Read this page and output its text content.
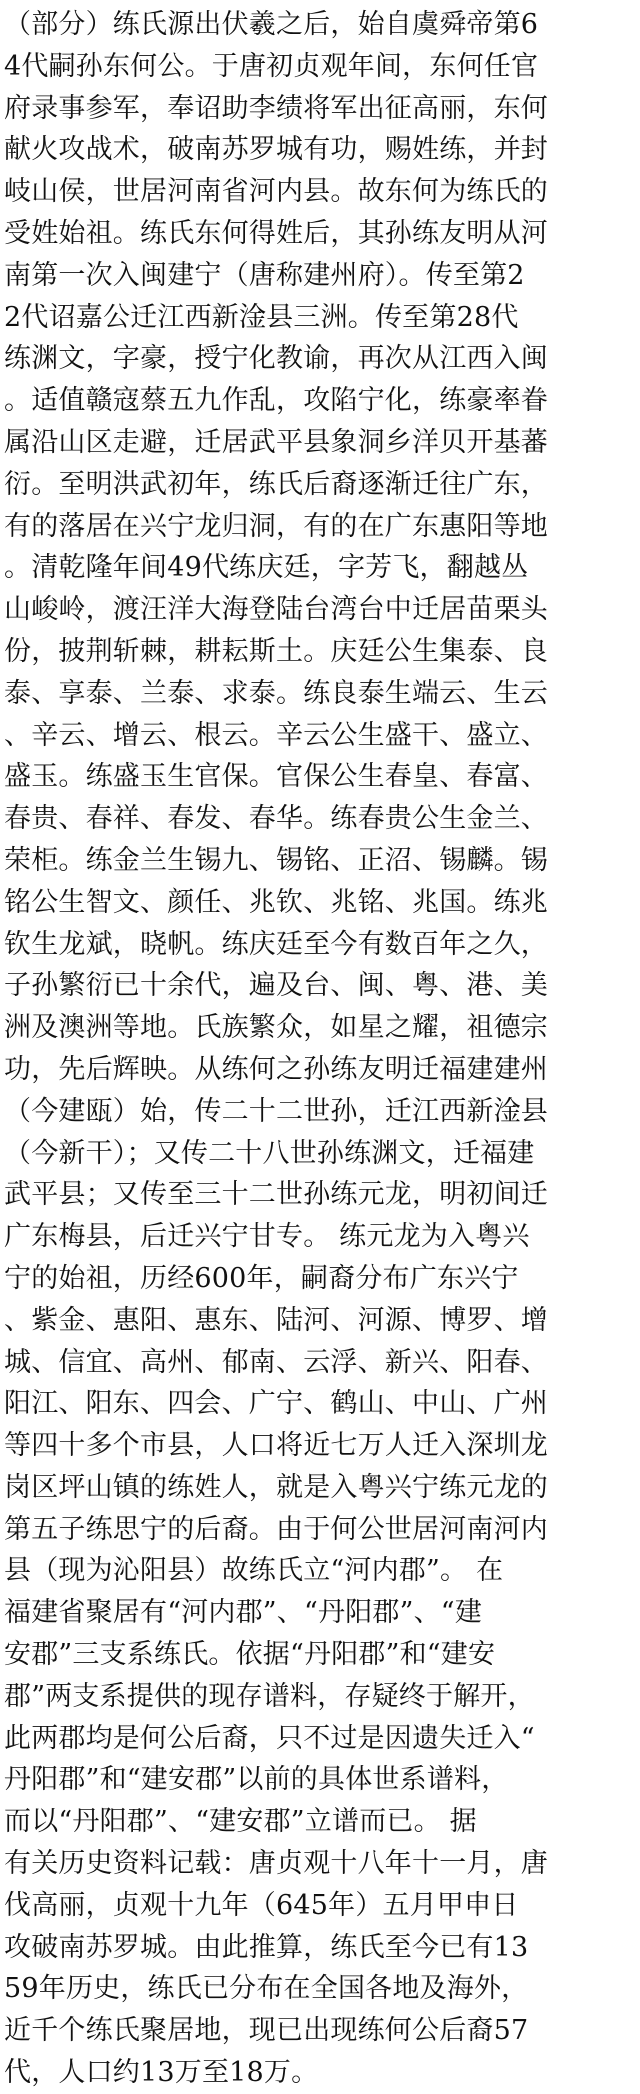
（部分）练氏源出伏羲之后，始自虞舜帝第6
4代嗣孙东何公。于唐初贞观年间，东何任官
府录事参军，奉诏助李绩将军出征高丽，东何
献火攻战术，破南苏罗城有功，赐姓练，并封
岐山侯，世居河南省河内县。故东何为练氏的
受姓始祖。练氏东何得姓后，其孙练友明从河
南第一次入闽建宁（唐称建州府）。传至第2
2代诏嘉公迁江西新淦县三洲。传至第28代
练渊文，字豪，授宁化教谕，再次从江西入闽
。适值赣寇蔡五九作乱，攻陷宁化，练豪率眷
属沿山区走避，迁居武平县象洞乡洋贝开基蕃
衍。至明洪武初年，练氏后裔逐渐迁往广东，
有的落居在兴宁龙归洞，有的在广东惠阳等地
。清乾隆年间49代练庆廷，字芳飞，翻越丛
山峻岭，渡汪洋大海登陆台湾台中迁居苗栗头
份，披荆斩棘，耕耘斯土。庆廷公生集泰、良
泰、享泰、兰泰、求泰。练良泰生端云、生云
、辛云、增云、根云。辛云公生盛干、盛立、
盛玉。练盛玉生官保。官保公生春皇、春富、
春贵、春祥、春发、春华。练春贵公生金兰、
荣柜。练金兰生锡九、锡铭、正沼、锡麟。锡
铭公生智文、颜任、兆钦、兆铭、兆国。练兆
钦生龙斌，晓帆。练庆廷至今有数百年之久，
子孙繁衍已十余代，遍及台、闽、粤、港、美
洲及澳洲等地。氏族繁众，如星之耀，祖德宗
功，先后辉映。从练何之孙练友明迁福建建州
（今建瓯）始，传二十二世孙，迁江西新淦县
（今新干）；又传二十八世孙练渊文，迁福建
武平县；又传至三十二世孙练元龙，明初间迁
广东梅县，后迁兴宁甘专。 练元龙为入粤兴
宁的始祖，历经600年，嗣裔分布广东兴宁
、紫金、惠阳、惠东、陆河、河源、博罗、增
城、信宜、高州、郁南、云浮、新兴、阳春、
阳江、阳东、四会、广宁、鹤山、中山、广州
等四十多个市县，人口将近七万人迁入深圳龙
岗区坪山镇的练姓人，就是入粤兴宁练元龙的
第五子练思宁的后裔。由于何公世居河南河内
县（现为沁阳县）故练氏立“河内郡”。 在
福建省聚居有“河内郡”、“丹阳郡”、“建
安郡”三支系练氏。依据“丹阳郡”和“建安
郡”两支系提供的现存谱料，存疑终于解开，
此两郡均是何公后裔，只不过是因遗失迁入“
丹阳郡”和“建安郡”以前的具体世系谱料，
而以“丹阳郡”、“建安郡”立谱而已。 据
有关历史资料记载：唐贞观十八年十一月，唐
伐高丽，贞观十九年（645年）五月甲申日
攻破南苏罗城。由此推算，练氏至今已有13
59年历史，练氏已分布在全国各地及海外，
近千个练氏聚居地，现已出现练何公后裔57
代，人口约13万至18万。
